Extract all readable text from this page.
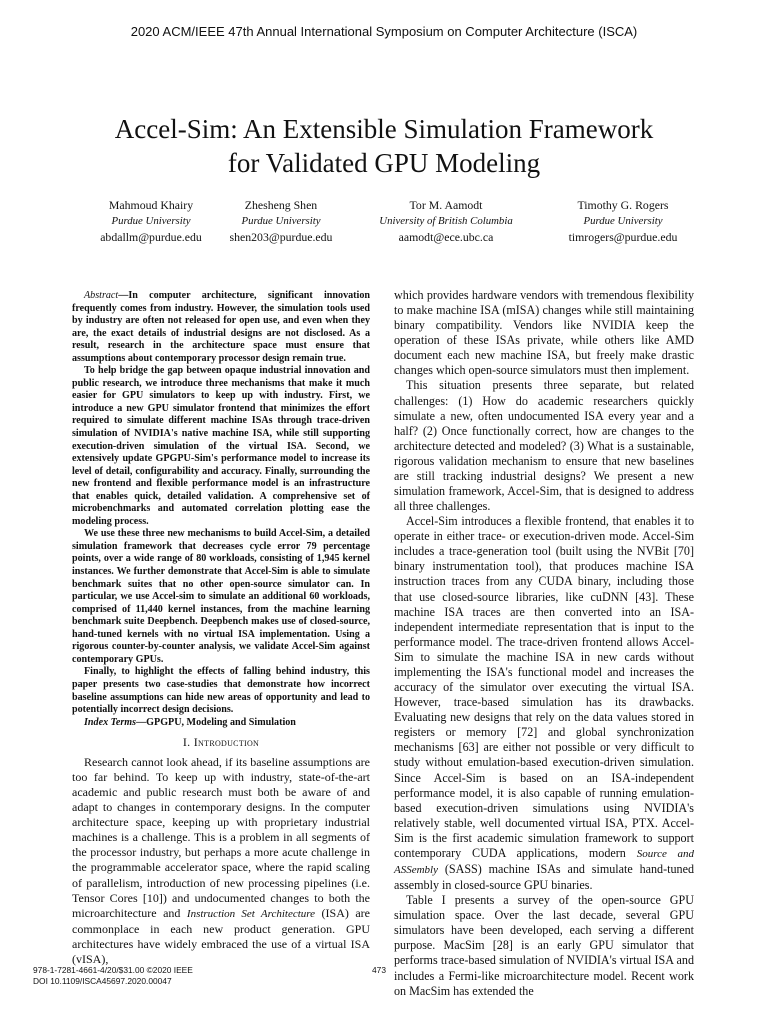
2020 ACM/IEEE 47th Annual International Symposium on Computer Architecture (ISCA)
Accel-Sim: An Extensible Simulation Framework
for Validated GPU Modeling
Mahmoud Khairy
Purdue University
abdallm@purdue.edu
Zhesheng Shen
Purdue University
shen203@purdue.edu
Tor M. Aamodt
University of British Columbia
aamodt@ece.ubc.ca
Timothy G. Rogers
Purdue University
timrogers@purdue.edu

Abstract—In computer architecture, significant innovation frequently comes from industry. However, the simulation tools used by industry are often not released for open use, and even when they are, the exact details of industrial designs are not disclosed. As a result, research in the architecture space must ensure that assumptions about contemporary processor design remain true.

To help bridge the gap between opaque industrial innovation and public research, we introduce three mechanisms that make it much easier for GPU simulators to keep up with industry. First, we introduce a new GPU simulator frontend that minimizes the effort required to simulate different machine ISAs through trace-driven simulation of NVIDIA's native machine ISA, while still supporting execution-driven simulation of the virtual ISA. Second, we extensively update GPGPU-Sim's performance model to increase its level of detail, configurability and accuracy. Finally, surrounding the new frontend and flexible performance model is an infrastructure that enables quick, detailed validation. A comprehensive set of microbenchmarks and automated correlation plotting ease the modeling process.

We use these three new mechanisms to build Accel-Sim, a detailed simulation framework that decreases cycle error 79 percentage points, over a wide range of 80 workloads, consisting of 1,945 kernel instances. We further demonstrate that Accel-Sim is able to simulate benchmark suites that no other open-source simulator can. In particular, we use Accel-sim to simulate an additional 60 workloads, comprised of 11,440 kernel instances, from the machine learning benchmark suite Deepbench. Deepbench makes use of closed-source, hand-tuned kernels with no virtual ISA implementation. Using a rigorous counter-by-counter analysis, we validate Accel-Sim against contemporary GPUs.

Finally, to highlight the effects of falling behind industry, this paper presents two case-studies that demonstrate how incorrect baseline assumptions can hide new areas of opportunity and lead to potentially incorrect design decisions.

Index Terms—GPGPU, Modeling and Simulation

I. Introduction

Research cannot look ahead, if its baseline assumptions are too far behind. To keep up with industry, state-of-the-art academic and public research must both be aware of and adapt to changes in contemporary designs. In the computer architecture space, keeping up with proprietary industrial machines is a challenge. This is a problem in all segments of the processor industry, but perhaps a more acute challenge in the programmable accelerator space, where the rapid scaling of parallelism, introduction of new processing pipelines (i.e. Tensor Cores [10]) and undocumented changes to both the microarchitecture and Instruction Set Architecture (ISA) are commonplace in each new product generation. GPU architectures have widely embraced the use of a virtual ISA (vISA),

which provides hardware vendors with tremendous flexibility to make machine ISA (mISA) changes while still maintaining binary compatibility. Vendors like NVIDIA keep the operation of these ISAs private, while others like AMD document each new machine ISA, but freely make drastic changes which open-source simulators must then implement.

This situation presents three separate, but related challenges: (1) How do academic researchers quickly simulate a new, often undocumented ISA every year and a half? (2) Once functionally correct, how are changes to the architecture detected and modeled? (3) What is a sustainable, rigorous validation mechanism to ensure that new baselines are still tracking industrial designs? We present a new simulation framework, Accel-Sim, that is designed to address all three challenges.

Accel-Sim introduces a flexible frontend, that enables it to operate in either trace- or execution-driven mode. Accel-Sim includes a trace-generation tool (built using the NVBit [70] binary instrumentation tool), that produces machine ISA instruction traces from any CUDA binary, including those that use closed-source libraries, like cuDNN [43]. These machine ISA traces are then converted into an ISA-independent intermediate representation that is input to the performance model. The trace-driven frontend allows Accel-Sim to simulate the machine ISA in new cards without implementing the ISA's functional model and increases the accuracy of the simulator over executing the virtual ISA. However, trace-based simulation has its drawbacks. Evaluating new designs that rely on the data values stored in registers or memory [72] and global synchronization mechanisms [63] are either not possible or very difficult to study without emulation-based execution-driven simulation. Since Accel-Sim is based on an ISA-independent performance model, it is also capable of running emulation-based execution-driven simulations using NVIDIA's relatively stable, well documented virtual ISA, PTX. Accel-Sim is the first academic simulation framework to support contemporary CUDA applications, modern Source and ASSembly (SASS) machine ISAs and simulate hand-tuned assembly in closed-source GPU binaries.

Table I presents a survey of the open-source GPU simulation space. Over the last decade, several GPU simulators have been developed, each serving a different purpose. MacSim [28] is an early GPU simulator that performs trace-based simulation of NVIDIA's virtual ISA and includes a Fermi-like microarchitecture model. Recent work on MacSim has extended the

978-1-7281-4661-4/20/$31.00 ©2020 IEEE
DOI 10.1109/ISCA45697.2020.00047
473
